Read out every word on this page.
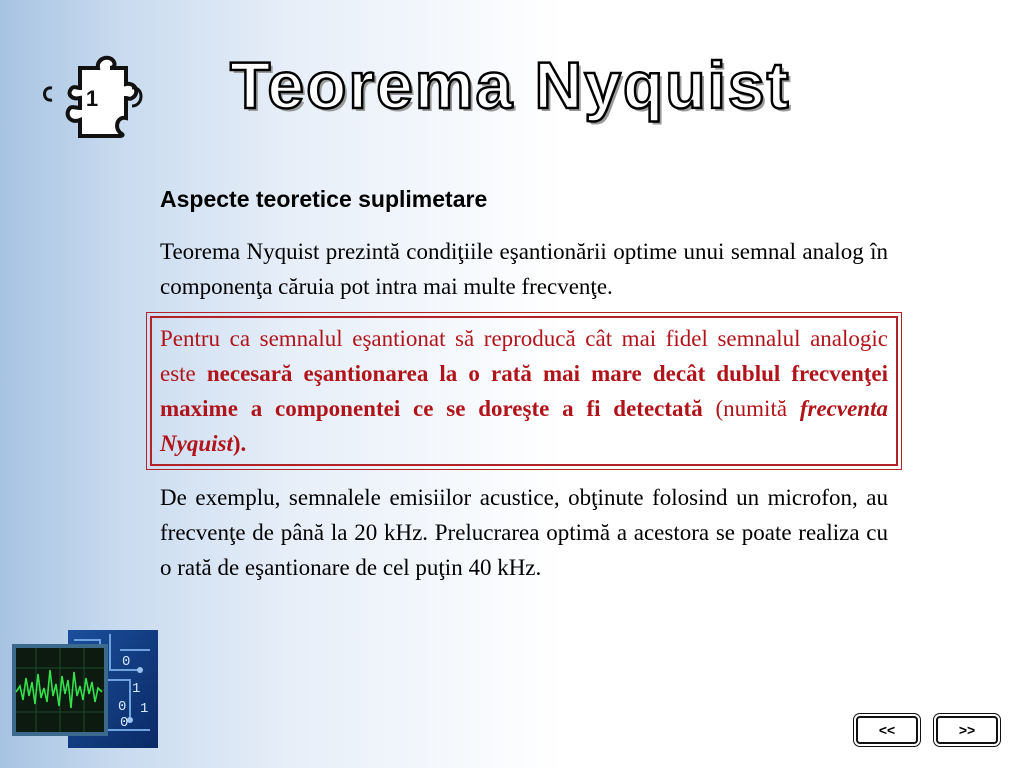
1 Teorema Nyquist
Aspecte teoretice suplimetare

Teorema Nyquist prezintă condiţiile eşantionării optime unui semnal analog în componenţa căruia pot intra mai multe frecvenţe.

Pentru ca semnalul eşantionat să reproducă cât mai fidel semnalul analogic este necesară eşantionarea la o rată mai mare decât dublul frecvenţei maxime a componentei ce se doreşte a fi detectată (numită frecventa Nyquist).

De exemplu, semnalele emisiilor acustice, obţinute folosind un microfon, au frecvenţe de până la 20 kHz. Prelucrarea optimă a acestora se poate realiza cu o rată de eşantionare de cel puţin 40 kHz.

0
1
0 1
0	<<	>>
